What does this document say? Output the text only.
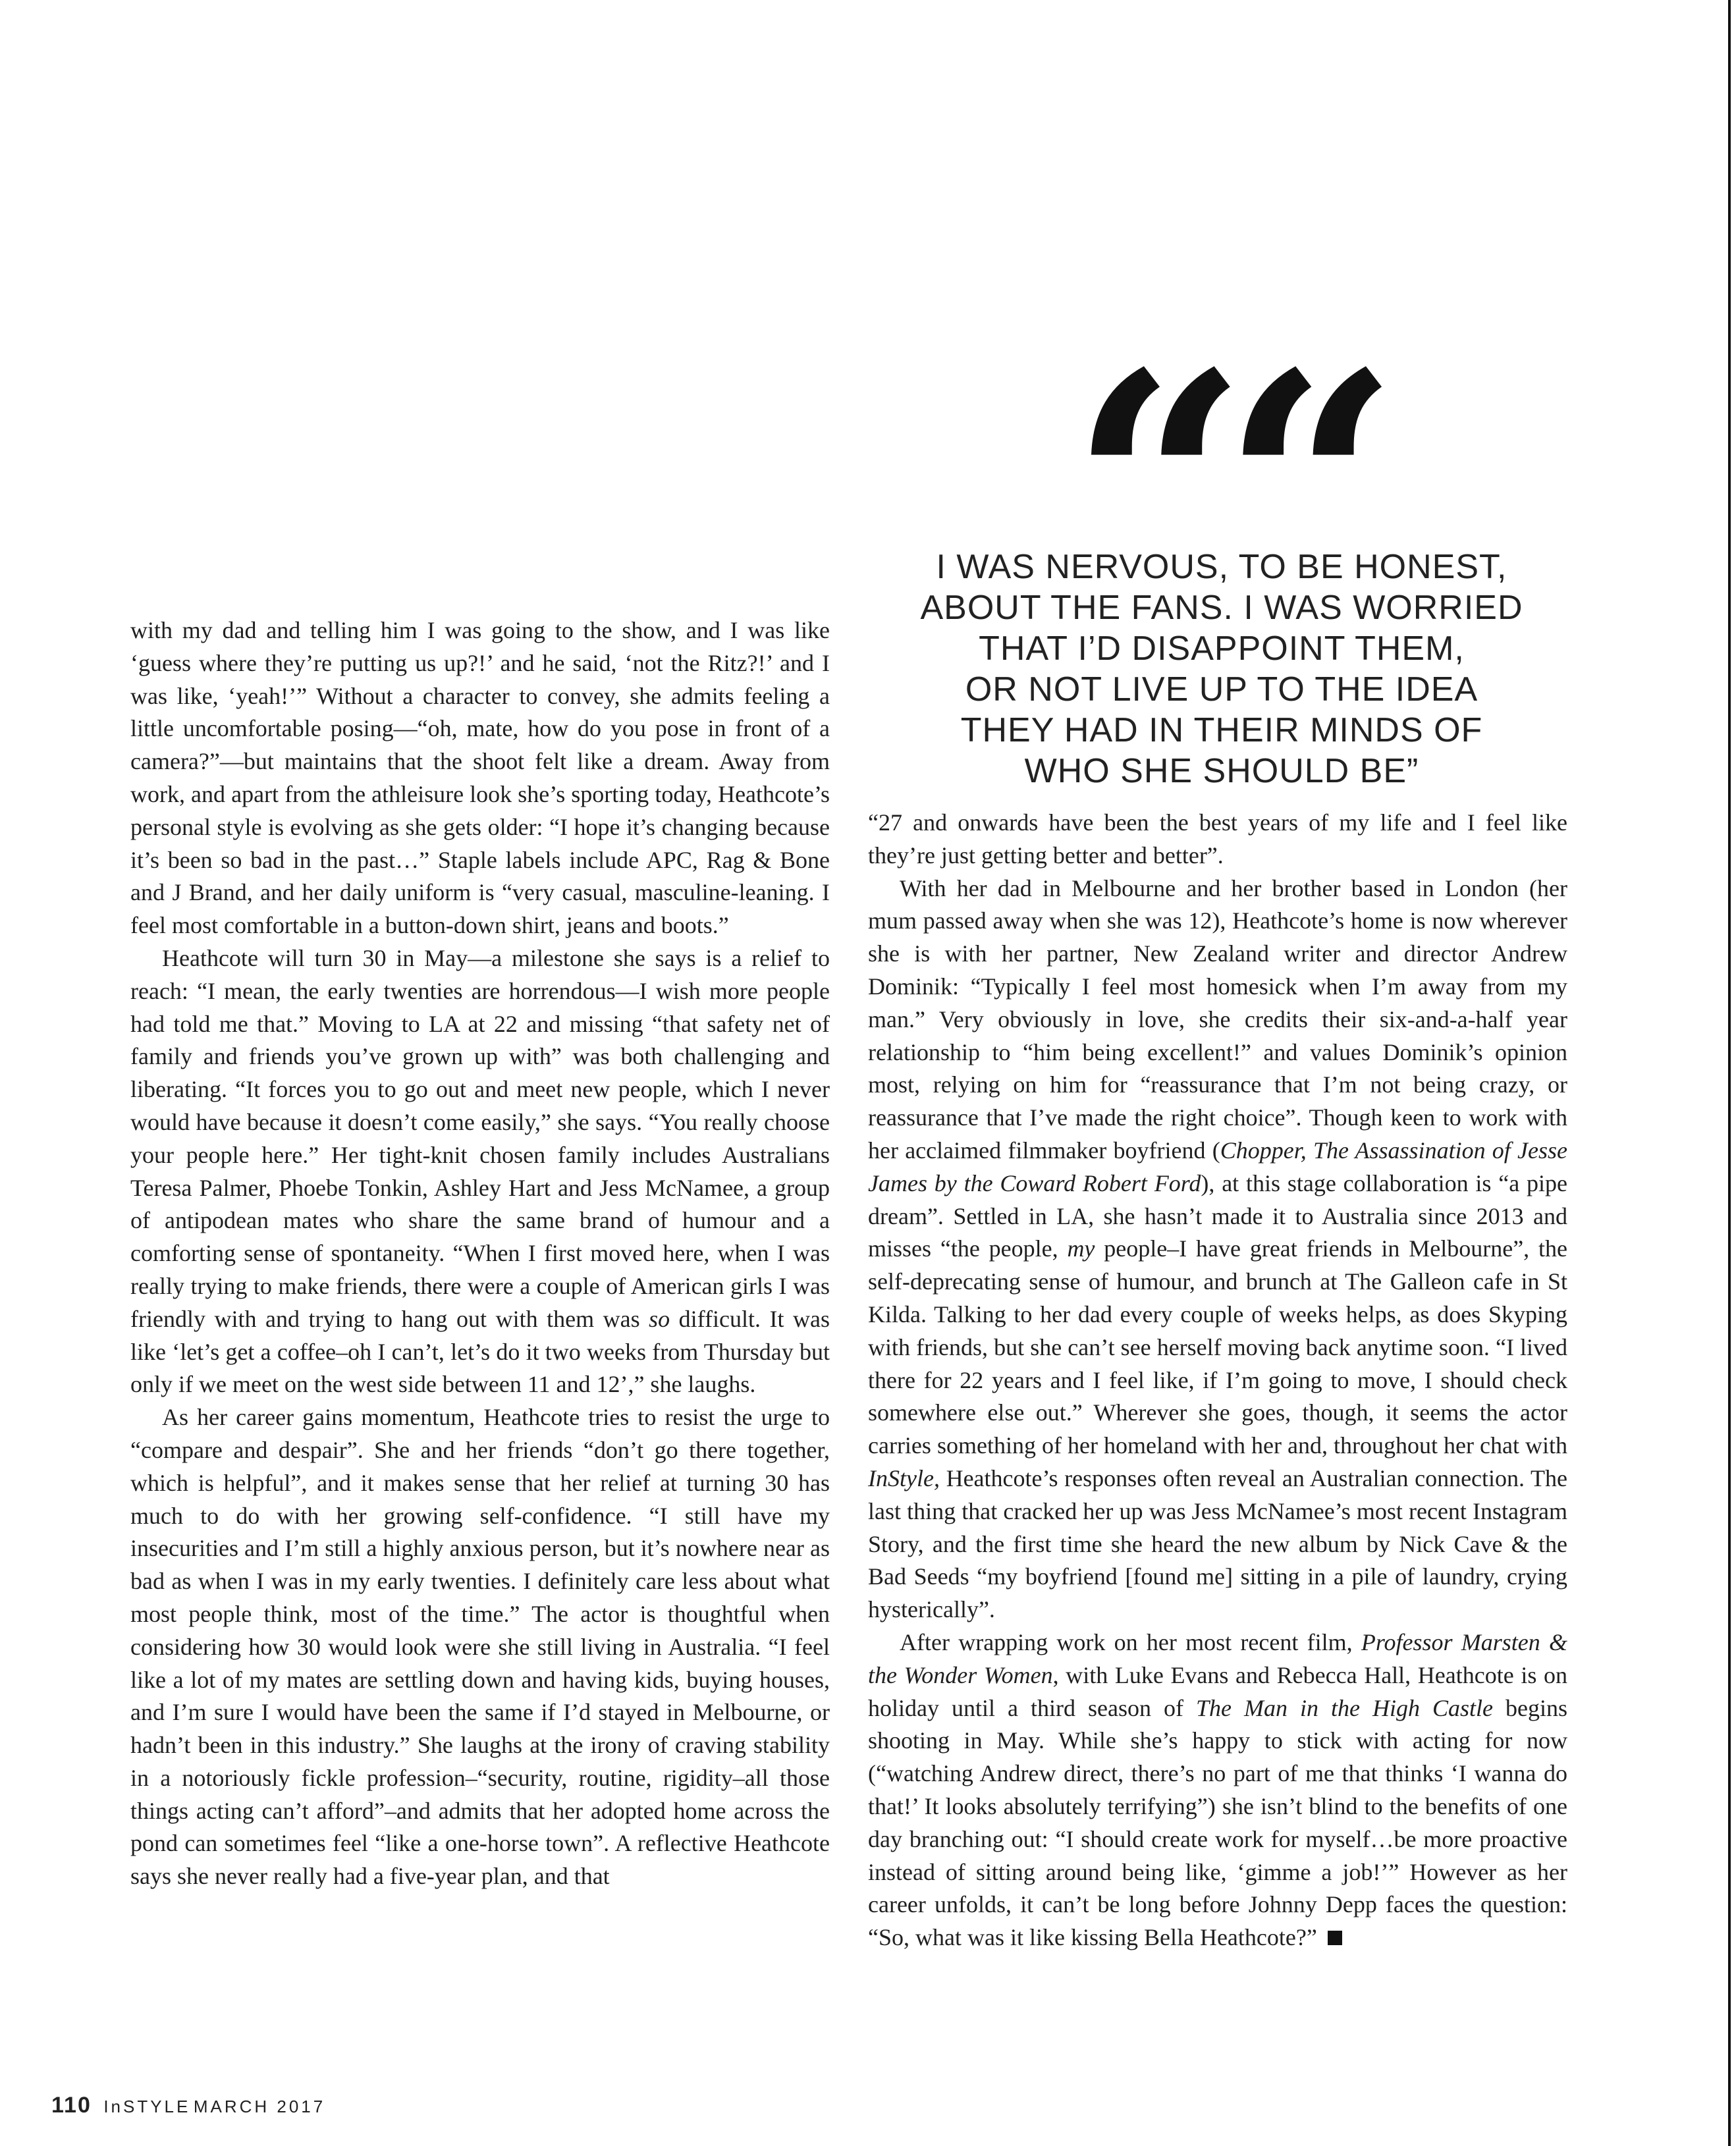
I WAS NERVOUS, TO BE HONEST,
ABOUT THE FANS. I WAS WORRIED
THAT I’D DISAPPOINT THEM,
OR NOT LIVE UP TO THE IDEA
THEY HAD IN THEIR MINDS OF
WHO SHE SHOULD BE”

with my dad and telling him I was going to the show, and I was like ‘guess where they’re putting us up?!’ and he said, ‘not the Ritz?!’ and I was like, ‘yeah!’” Without a character to convey, she admits feeling a little uncomfortable posing—“oh, mate, how do you pose in front of a camera?”—but maintains that the shoot felt like a dream. Away from work, and apart from the athleisure look she’s sporting today, Heathcote’s personal style is evolving as she gets older: “I hope it’s changing because it’s been so bad in the past…” Staple labels include APC, Rag & Bone and J Brand, and her daily uniform is “very casual, masculine-leaning. I feel most comfortable in a button-down shirt, jeans and boots.”

Heathcote will turn 30 in May—a milestone she says is a relief to reach: “I mean, the early twenties are horrendous—I wish more people had told me that.” Moving to LA at 22 and missing “that safety net of family and friends you’ve grown up with” was both challenging and liberating. “It forces you to go out and meet new people, which I never would have because it doesn’t come easily,” she says. “You really choose your people here.” Her tight-knit chosen family includes Australians Teresa Palmer, Phoebe Tonkin, Ashley Hart and Jess McNamee, a group of antipodean mates who share the same brand of humour and a comforting sense of spontaneity. “When I first moved here, when I was really trying to make friends, there were a couple of American girls I was friendly with and trying to hang out with them was so difficult. It was like ‘let’s get a coffee–oh I can’t, let’s do it two weeks from Thursday but only if we meet on the west side between 11 and 12’,” she laughs.

As her career gains momentum, Heathcote tries to resist the urge to “compare and despair”. She and her friends “don’t go there together, which is helpful”, and it makes sense that her relief at turning 30 has much to do with her growing self-confidence. “I still have my insecurities and I’m still a highly anxious person, but it’s nowhere near as bad as when I was in my early twenties. I definitely care less about what most people think, most of the time.” The actor is thoughtful when considering how 30 would look were she still living in Australia. “I feel like a lot of my mates are settling down and having kids, buying houses, and I’m sure I would have been the same if I’d stayed in Melbourne, or hadn’t been in this industry.” She laughs at the irony of craving stability in a notoriously fickle profession–“security, routine, rigidity–all those things acting can’t afford”–and admits that her adopted home across the pond can sometimes feel “like a one-horse town”. A reflective Heathcote says she never really had a five-year plan, and that

“27 and onwards have been the best years of my life and I feel like they’re just getting better and better”.

With her dad in Melbourne and her brother based in London (her mum passed away when she was 12), Heathcote’s home is now wherever she is with her partner, New Zealand writer and director Andrew Dominik: “Typically I feel most homesick when I’m away from my man.” Very obviously in love, she credits their six-and-a-half year relationship to “him being excellent!” and values Dominik’s opinion most, relying on him for “reassurance that I’m not being crazy, or reassurance that I’ve made the right choice”. Though keen to work with her acclaimed filmmaker boyfriend (Chopper, The Assassination of Jesse James by the Coward Robert Ford), at this stage collaboration is “a pipe dream”. Settled in LA, she hasn’t made it to Australia since 2013 and misses “the people, my people–I have great friends in Melbourne”, the self-deprecating sense of humour, and brunch at The Galleon cafe in St Kilda. Talking to her dad every couple of weeks helps, as does Skyping with friends, but she can’t see herself moving back anytime soon. “I lived there for 22 years and I feel like, if I’m going to move, I should check somewhere else out.” Wherever she goes, though, it seems the actor carries something of her homeland with her and, throughout her chat with InStyle, Heathcote’s responses often reveal an Australian connection. The last thing that cracked her up was Jess McNamee’s most recent Instagram Story, and the first time she heard the new album by Nick Cave & the Bad Seeds “my boyfriend [found me] sitting in a pile of laundry, crying hysterically”.

After wrapping work on her most recent film, Professor Marsten & the Wonder Women, with Luke Evans and Rebecca Hall, Heathcote is on holiday until a third season of The Man in the High Castle begins shooting in May. While she’s happy to stick with acting for now (“watching Andrew direct, there’s no part of me that thinks ‘I wanna do that!’ It looks absolutely terrifying”) she isn’t blind to the benefits of one day branching out: “I should create work for myself…be more proactive instead of sitting around being like, ‘gimme a job!’” However as her career unfolds, it can’t be long before Johnny Depp faces the question: “So, what was it like kissing Bella Heathcote?”

110 InSTYLE MARCH 2017
